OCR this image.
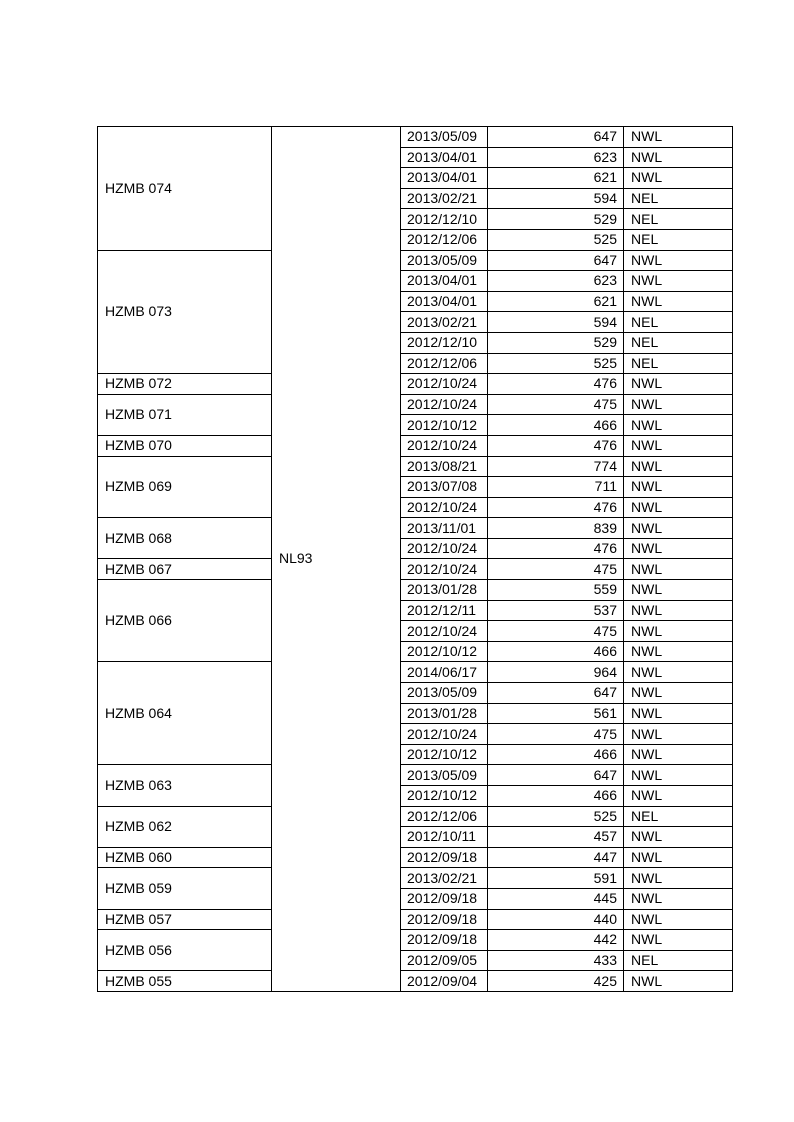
HZMB 074	NL93	2013/05/09	647	NWL
		2013/04/01	623	NWL
		2013/04/01	621	NWL
		2013/02/21	594	NEL
		2012/12/10	529	NEL
		2012/12/06	525	NEL
HZMB 073		2013/05/09	647	NWL
		2013/04/01	623	NWL
		2013/04/01	621	NWL
		2013/02/21	594	NEL
		2012/12/10	529	NEL
		2012/12/06	525	NEL
HZMB 072		2012/10/24	476	NWL
HZMB 071		2012/10/24	475	NWL
		2012/10/12	466	NWL
HZMB 070		2012/10/24	476	NWL
HZMB 069		2013/08/21	774	NWL
		2013/07/08	711	NWL
		2012/10/24	476	NWL
HZMB 068		2013/11/01	839	NWL
		2012/10/24	476	NWL
HZMB 067		2012/10/24	475	NWL
HZMB 066		2013/01/28	559	NWL
		2012/12/11	537	NWL
		2012/10/24	475	NWL
		2012/10/12	466	NWL
HZMB 064		2014/06/17	964	NWL
		2013/05/09	647	NWL
		2013/01/28	561	NWL
		2012/10/24	475	NWL
		2012/10/12	466	NWL
HZMB 063		2013/05/09	647	NWL
		2012/10/12	466	NWL
HZMB 062		2012/12/06	525	NEL
		2012/10/11	457	NWL
HZMB 060		2012/09/18	447	NWL
HZMB 059		2013/02/21	591	NWL
		2012/09/18	445	NWL
HZMB 057		2012/09/18	440	NWL
HZMB 056		2012/09/18	442	NWL
		2012/09/05	433	NEL
HZMB 055		2012/09/04	425	NWL
